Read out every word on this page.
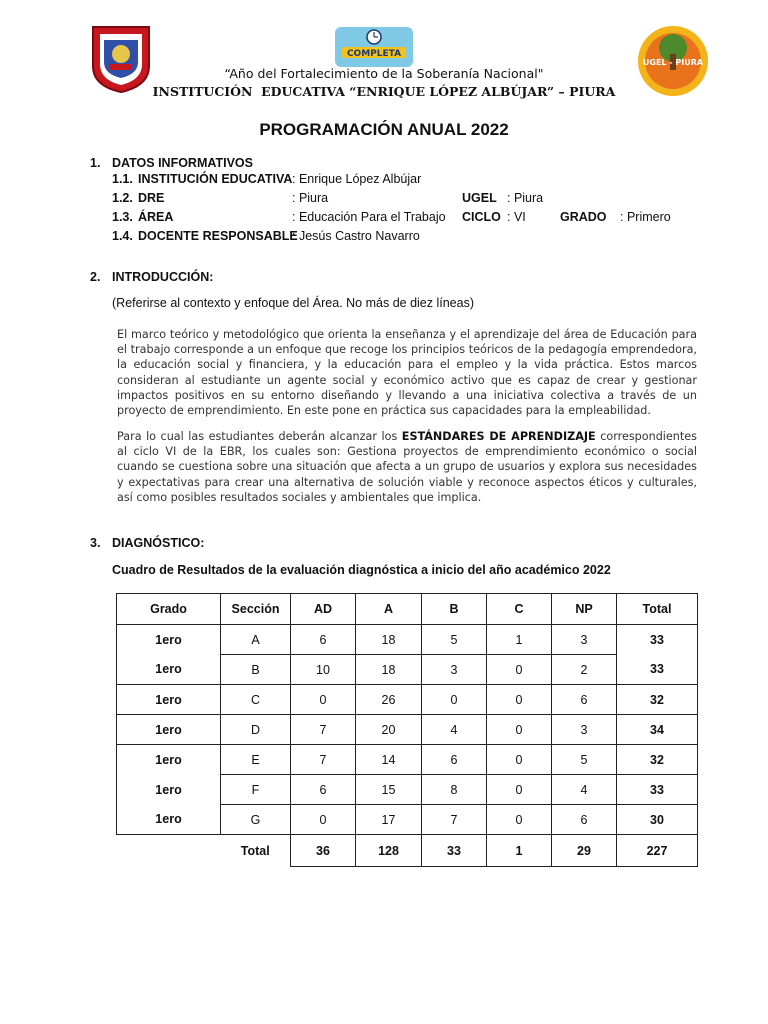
COMPLETA
UGEL - PIURA
“Año del Fortalecimiento de la Soberanía Nacional"
INSTITUCIÓN  EDUCATIVA “ENRIQUE LÓPEZ ALBÚJAR” – PIURA
PROGRAMACIÓN ANUAL 2022
1. DATOS INFORMATIVOS
1.1. INSTITUCIÓN EDUCATIVA : Enrique López Albújar
1.2. DRE	: Piura	UGEL : Piura
1.3. ÁREA	: Educación Para el Trabajo CICLO : VI	GRADO : Primero
1.4. DOCENTE RESPONSABLE
: Jesús Castro Navarro
2. INTRODUCCIÓN:
(Referirse al contexto y enfoque del Área. No más de diez líneas)
El marco teórico y metodológico que orienta la enseñanza y el aprendizaje del área de Educación para el trabajo corresponde a un enfoque que recoge los principios teóricos de la pedagogía emprendedora, la educación social y financiera, y la educación para el empleo y la vida práctica. Estos marcos consideran al estudiante un agente social y económico activo que es capaz de crear y gestionar impactos positivos en su entorno diseñando y llevando a una iniciativa colectiva a través de un proyecto de emprendimiento. En este pone en práctica sus capacidades para la empleabilidad.
Para lo cual las estudiantes deberán alcanzar los ESTÁNDARES DE APRENDIZAJE correspondientes al ciclo VI de la EBR, los cuales son: Gestiona proyectos de emprendimiento económico o social cuando se cuestiona sobre una situación que afecta a un grupo de usuarios y explora sus necesidades y expectativas para crear una alternativa de solución viable y reconoce aspectos éticos y culturales, así como posibles resultados sociales y ambientales que implica.
3. DIAGNÓSTICO:
Cuadro de Resultados de la evaluación diagnóstica a inicio del año académico 2022
Grado	Sección	AD	A	B	C	NP	Total
1ero	A	6	18	5	1	3	33
1ero	B	10	18	3	0	2	33
1ero	C	0	26	0	0	6	32
1ero	D	7	20	4	0	3	34
1ero	E	7	14	6	0	5	32
1ero	F	6	15	8	0	4	33
1ero	G	0	17	7	0	6	30
	Total	36	128	33	1	29	227
